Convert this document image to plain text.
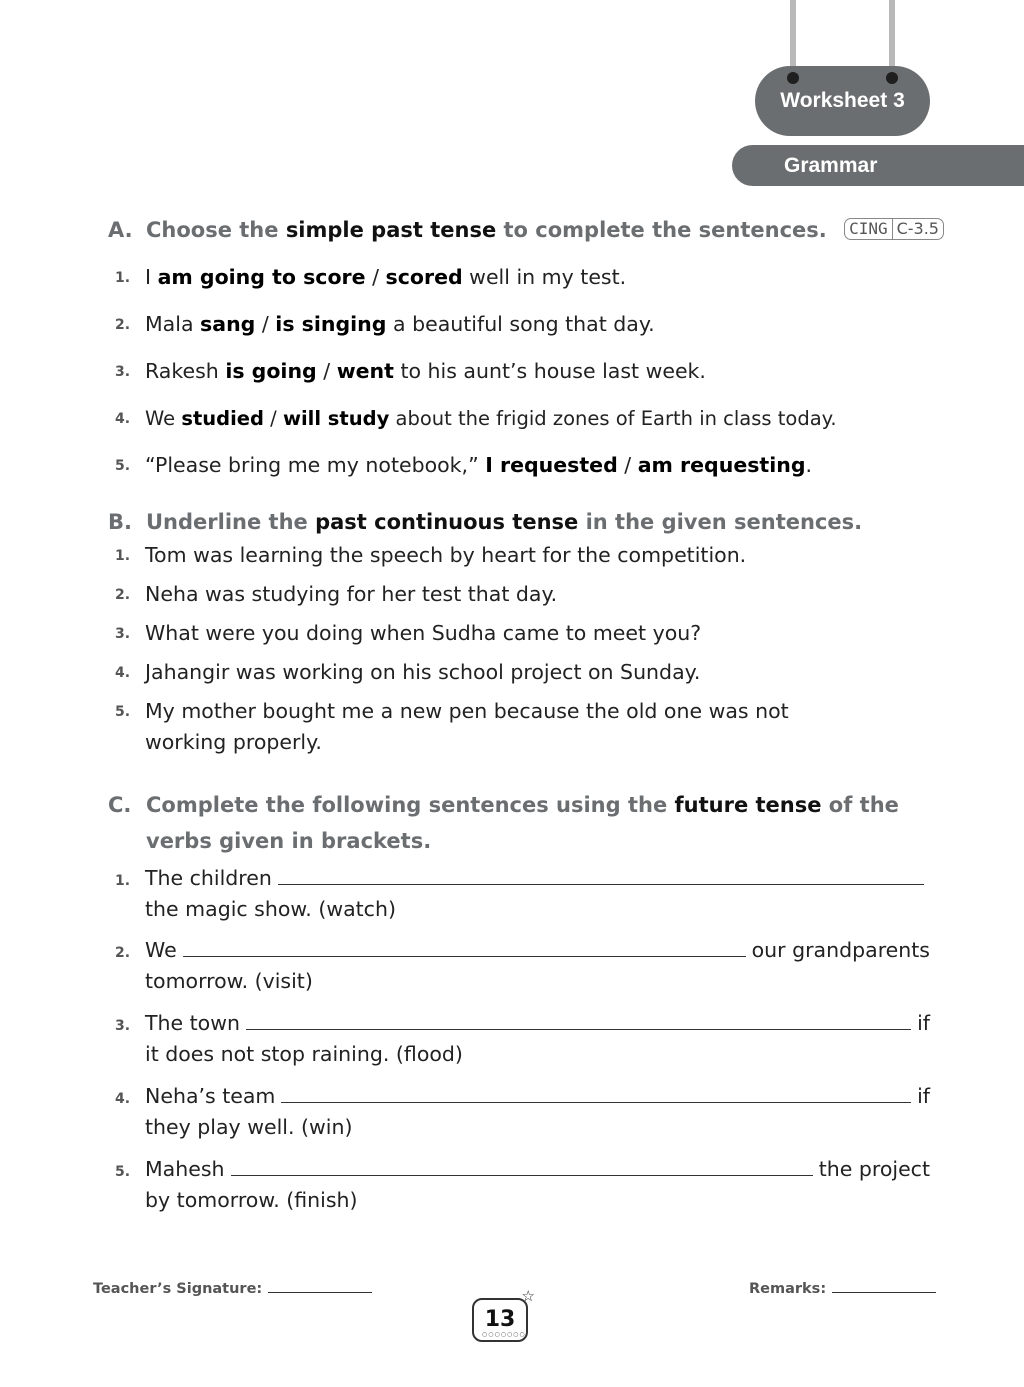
Worksheet 3
Grammar
A. Choose the simple past tense to complete the sentences. CING C-3.5
1. I am going to score / scored well in my test.
2. Mala sang / is singing a beautiful song that day.
3. Rakesh is going / went to his aunt’s house last week.
4. We studied / will study about the frigid zones of Earth in class today.
5. “Please bring me my notebook,” I requested / am requesting.
B. Underline the past continuous tense in the given sentences.
1. Tom was learning the speech by heart for the competition.
2. Neha was studying for her test that day.
3. What were you doing when Sudha came to meet you?
4. Jahangir was working on his school project on Sunday.
5. My mother bought me a new pen because the old one was not
working properly.
C. Complete the following sentences using the future tense of the
verbs given in brackets.
1. The children
the magic show. (watch)
2. We	our grandparents
tomorrow. (visit)
3. The town	if
it does not stop raining. (flood)
4. Neha’s team	if
they play well. (win)
5. Mahesh	the project
by tomorrow. (finish)
Teacher’s Signature:	Remarks:
13
☆
○○○○○○○
